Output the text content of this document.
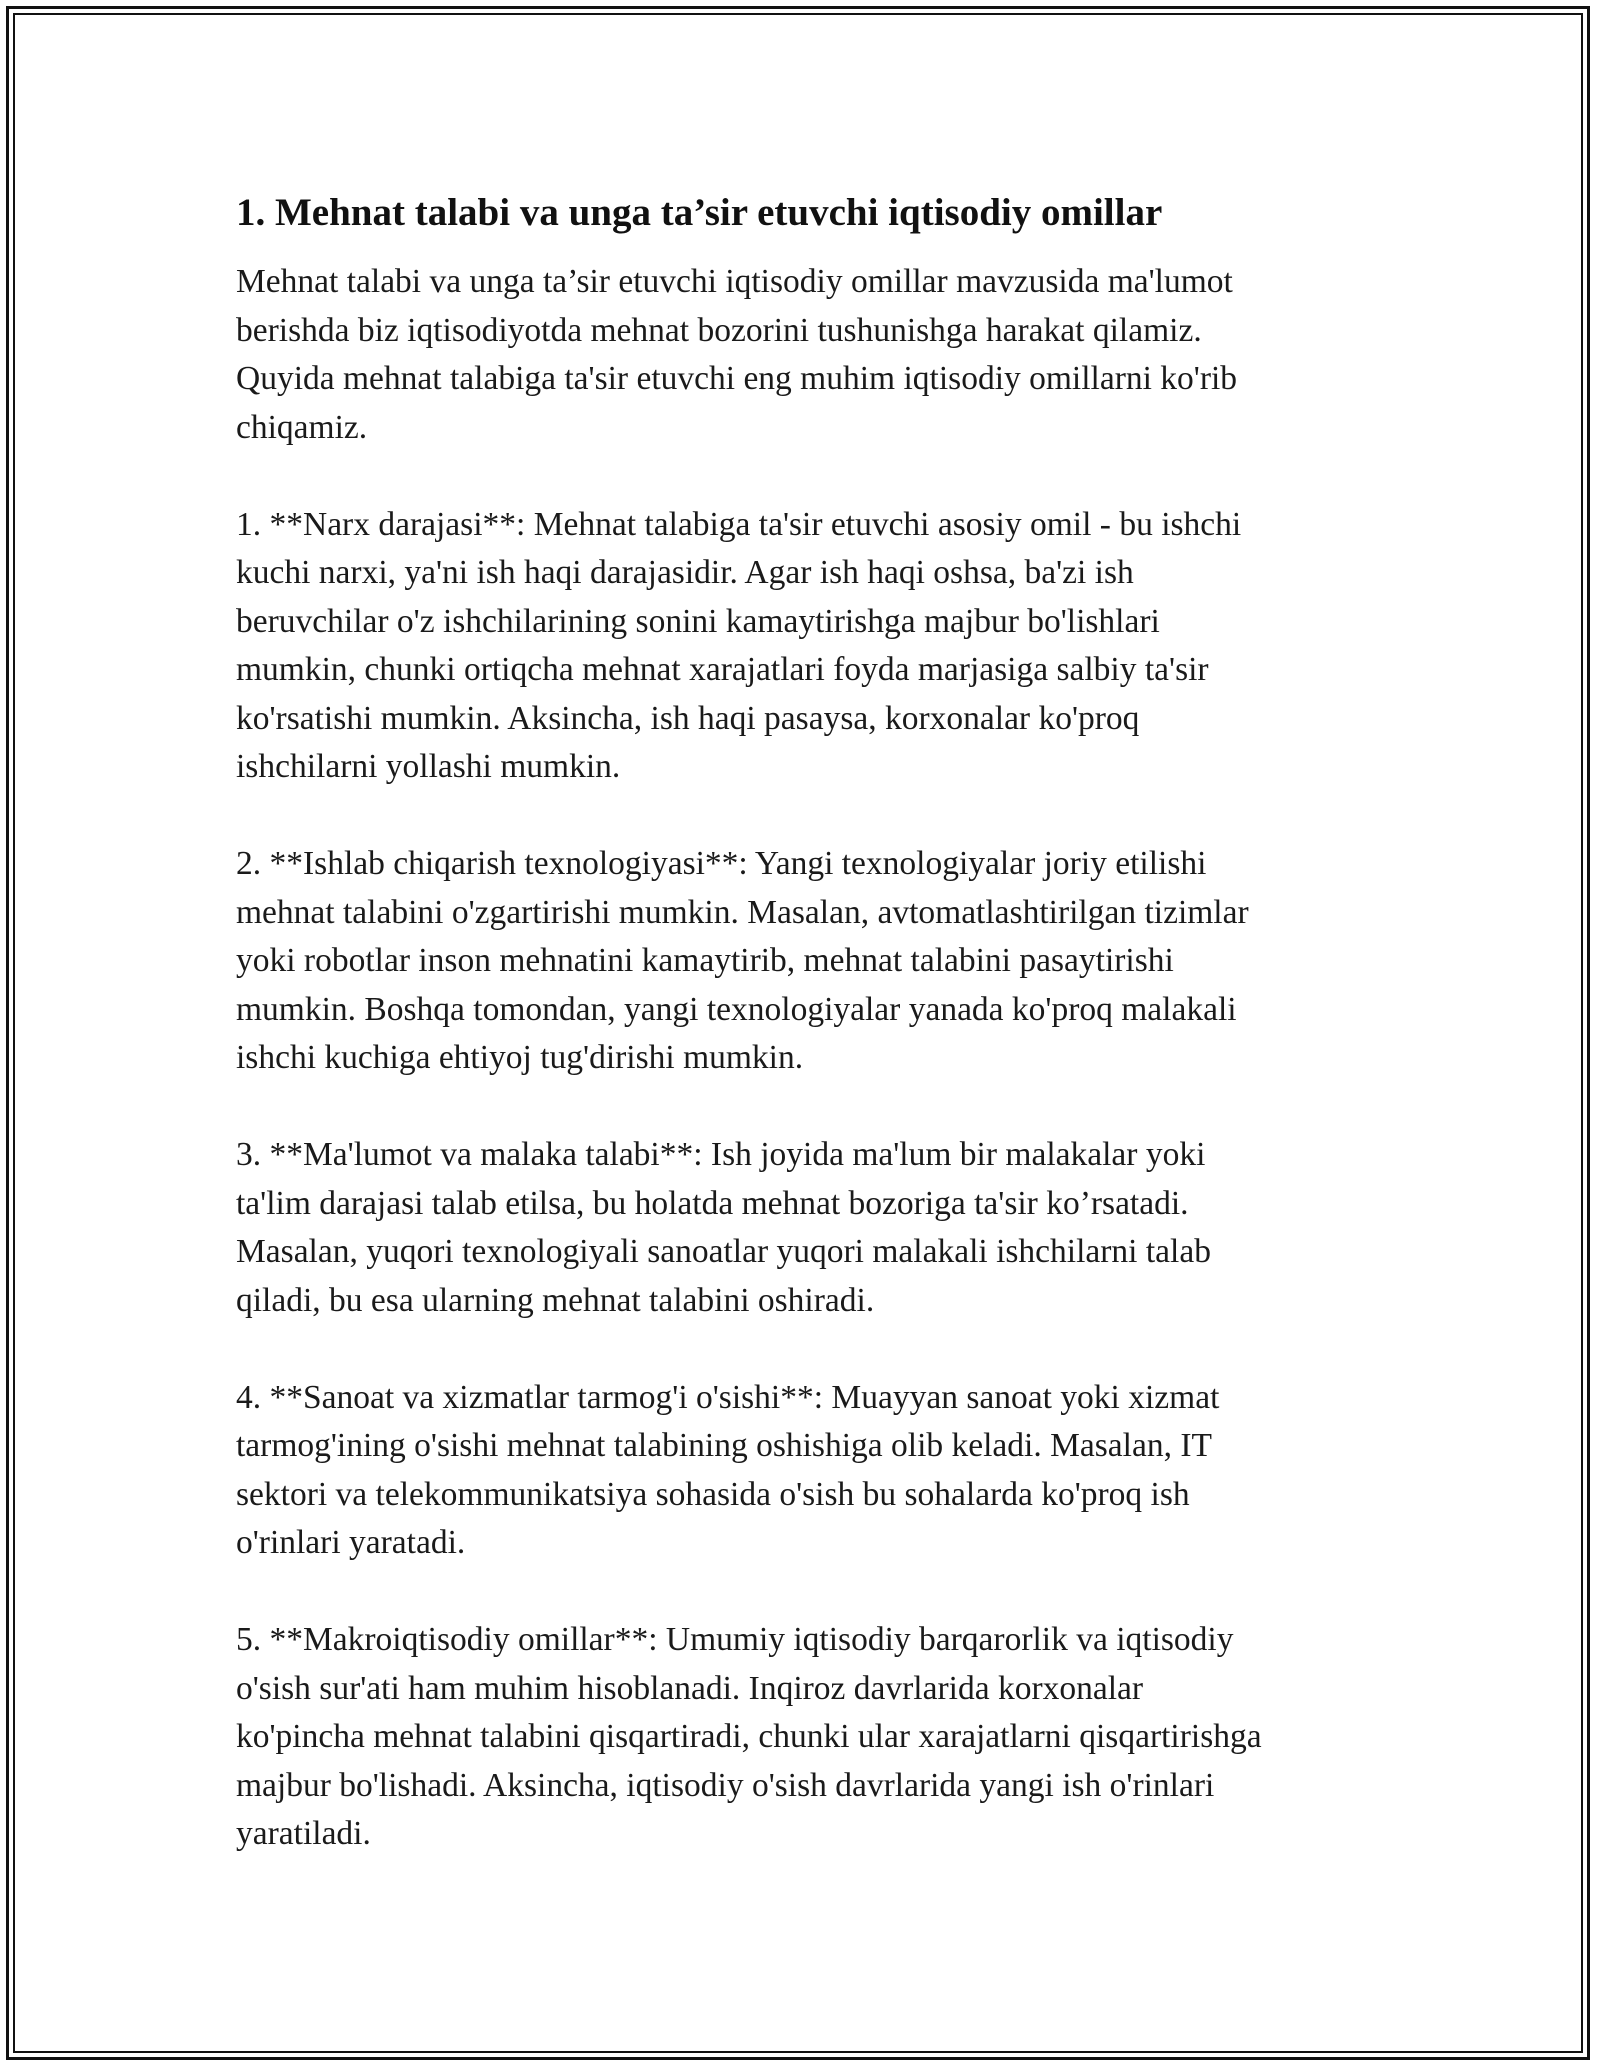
1. Mehnat talabi va unga ta’sir etuvchi iqtisodiy omillar

Mehnat talabi va unga ta’sir etuvchi iqtisodiy omillar mavzusida ma'lumot
berishda biz iqtisodiyotda mehnat bozorini tushunishga harakat qilamiz.
Quyida mehnat talabiga ta'sir etuvchi eng muhim iqtisodiy omillarni ko'rib
chiqamiz.

1. **Narx darajasi**: Mehnat talabiga ta'sir etuvchi asosiy omil - bu ishchi
kuchi narxi, ya'ni ish haqi darajasidir. Agar ish haqi oshsa, ba'zi ish
beruvchilar o'z ishchilarining sonini kamaytirishga majbur bo'lishlari
mumkin, chunki ortiqcha mehnat xarajatlari foyda marjasiga salbiy ta'sir
ko'rsatishi mumkin. Aksincha, ish haqi pasaysa, korxonalar ko'proq
ishchilarni yollashi mumkin.

2. **Ishlab chiqarish texnologiyasi**: Yangi texnologiyalar joriy etilishi
mehnat talabini o'zgartirishi mumkin. Masalan, avtomatlashtirilgan tizimlar
yoki robotlar inson mehnatini kamaytirib, mehnat talabini pasaytirishi
mumkin. Boshqa tomondan, yangi texnologiyalar yanada ko'proq malakali
ishchi kuchiga ehtiyoj tug'dirishi mumkin.

3. **Ma'lumot va malaka talabi**: Ish joyida ma'lum bir malakalar yoki
ta'lim darajasi talab etilsa, bu holatda mehnat bozoriga ta'sir ko’rsatadi.
Masalan, yuqori texnologiyali sanoatlar yuqori malakali ishchilarni talab
qiladi, bu esa ularning mehnat talabini oshiradi.

4. **Sanoat va xizmatlar tarmog'i o'sishi**: Muayyan sanoat yoki xizmat
tarmog'ining o'sishi mehnat talabining oshishiga olib keladi. Masalan, IT
sektori va telekommunikatsiya sohasida o'sish bu sohalarda ko'proq ish
o'rinlari yaratadi.

5. **Makroiqtisodiy omillar**: Umumiy iqtisodiy barqarorlik va iqtisodiy
o'sish sur'ati ham muhim hisoblanadi. Inqiroz davrlarida korxonalar
ko'pincha mehnat talabini qisqartiradi, chunki ular xarajatlarni qisqartirishga
majbur bo'lishadi. Aksincha, iqtisodiy o'sish davrlarida yangi ish o'rinlari
yaratiladi.
